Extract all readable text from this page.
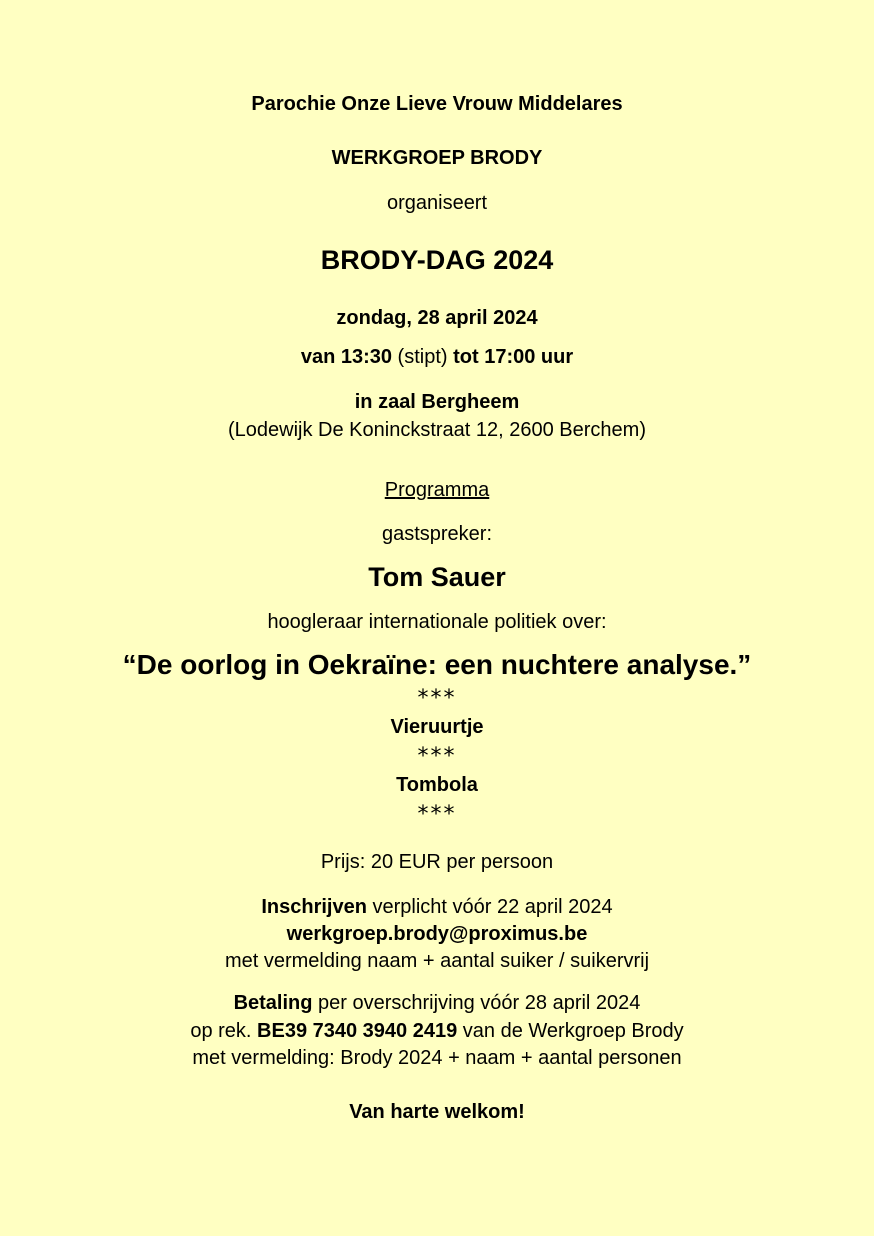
Parochie Onze Lieve Vrouw Middelares
WERKGROEP BRODY
organiseert
BRODY-DAG 2024
zondag, 28 april 2024
van 13:30 (stipt) tot 17:00 uur
in zaal Bergheem
(Lodewijk De Koninckstraat 12, 2600 Berchem)
Programma
gastspreker:
Tom Sauer
hoogleraar internationale politiek over:
“De oorlog in Oekraïne: een nuchtere analyse.”
***
Vieruurtje
***
Tombola
***
Prijs: 20 EUR per persoon
Inschrijven verplicht vóór 22 april 2024
werkgroep.brody@proximus.be
met vermelding naam + aantal suiker / suikervrij
Betaling per overschrijving vóór 28 april 2024
op rek. BE39 7340 3940 2419 van de Werkgroep Brody
met vermelding: Brody 2024 + naam + aantal personen
Van harte welkom!
